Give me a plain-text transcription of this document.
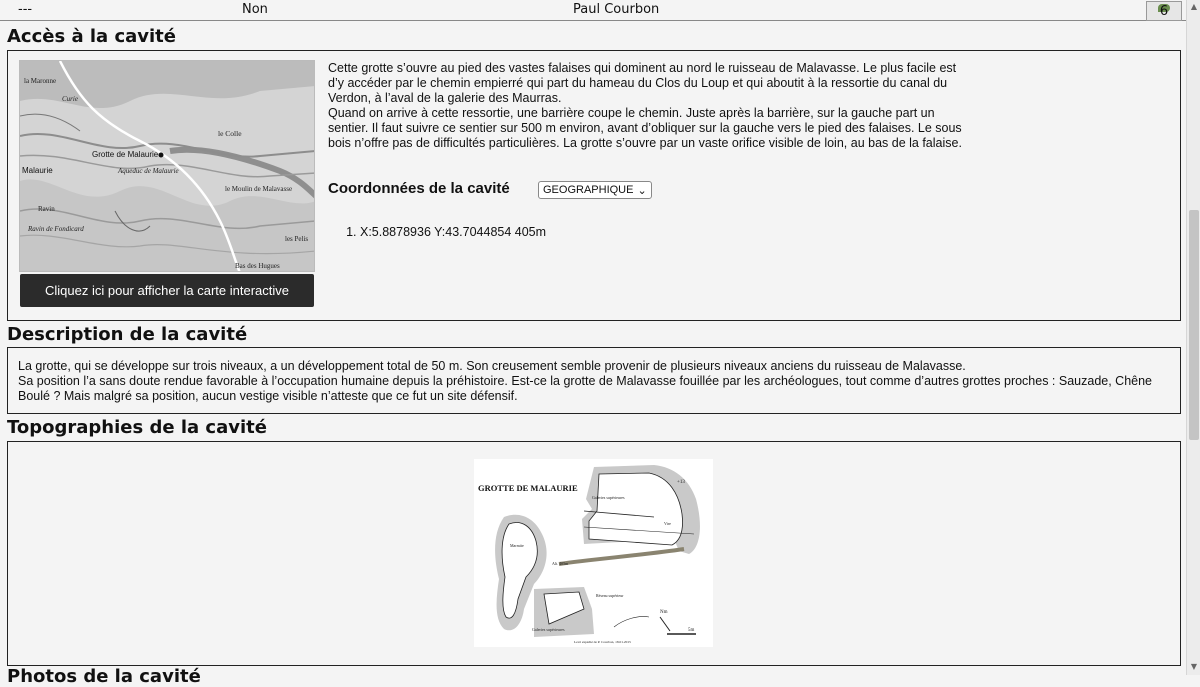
---	Non	Paul Courbon	6
Accès à la cavité
Grotte de Malaurie
le Colle
Malaurie	Aqueduc de Malaurie
le Moulin de Malavasse
Ravin
Ravin de Fondicard
les Pelis
Bas des Hugues
la Maronne
Curie
Cliquez ici pour afficher la carte interactive

Cette grotte s’ouvre au pied des vastes falaises qui dominent au nord le ruisseau de Malavasse. Le plus facile est d’y accéder par le chemin empierré qui part du hameau du Clos du Loup et qui aboutit à la ressortie du canal du Verdon, à l’aval de la galerie des Maurras.

Quand on arrive à cette ressortie, une barrière coupe le chemin. Juste après la barrière, sur la gauche part un sentier. Il faut suivre ce sentier sur 500 m environ, avant d’obliquer sur la gauche vers le pied des falaises. Le sous bois n’offre pas de difficultés particulières. La grotte s’ouvre par un vaste orifice visible de loin, au bas de la falaise.

Coordonnées de la cavité	GEOGRAPHIQUE ⌄
1. X:5.8878936 Y:43.7044854 405m
Description de la cavité

La grotte, qui se développe sur trois niveaux, a un développement total de 50 m. Son creusement semble provenir de plusieurs niveaux anciens du ruisseau de Malavasse.

Sa position l’a sans doute rendue favorable à l’occupation humaine depuis la préhistoire. Est-ce la grotte de Malavasse fouillée par les archéologues, tout comme d’autres grottes proches : Sauzade, Chêne Boulé ? Mais malgré sa position, aucun vestige visible n’atteste que ce fut un site défensif.

Topographies de la cavité
GROTTE DE MALAURIE
Galeries supérieures
Vire
Marmite
Alt. 405m
Réseau supérieur
Galeries supérieures
Nm
5m
+13
Levé expédié de P. Courbon, 18.01.2015
Photos de la cavité
▲
▼
